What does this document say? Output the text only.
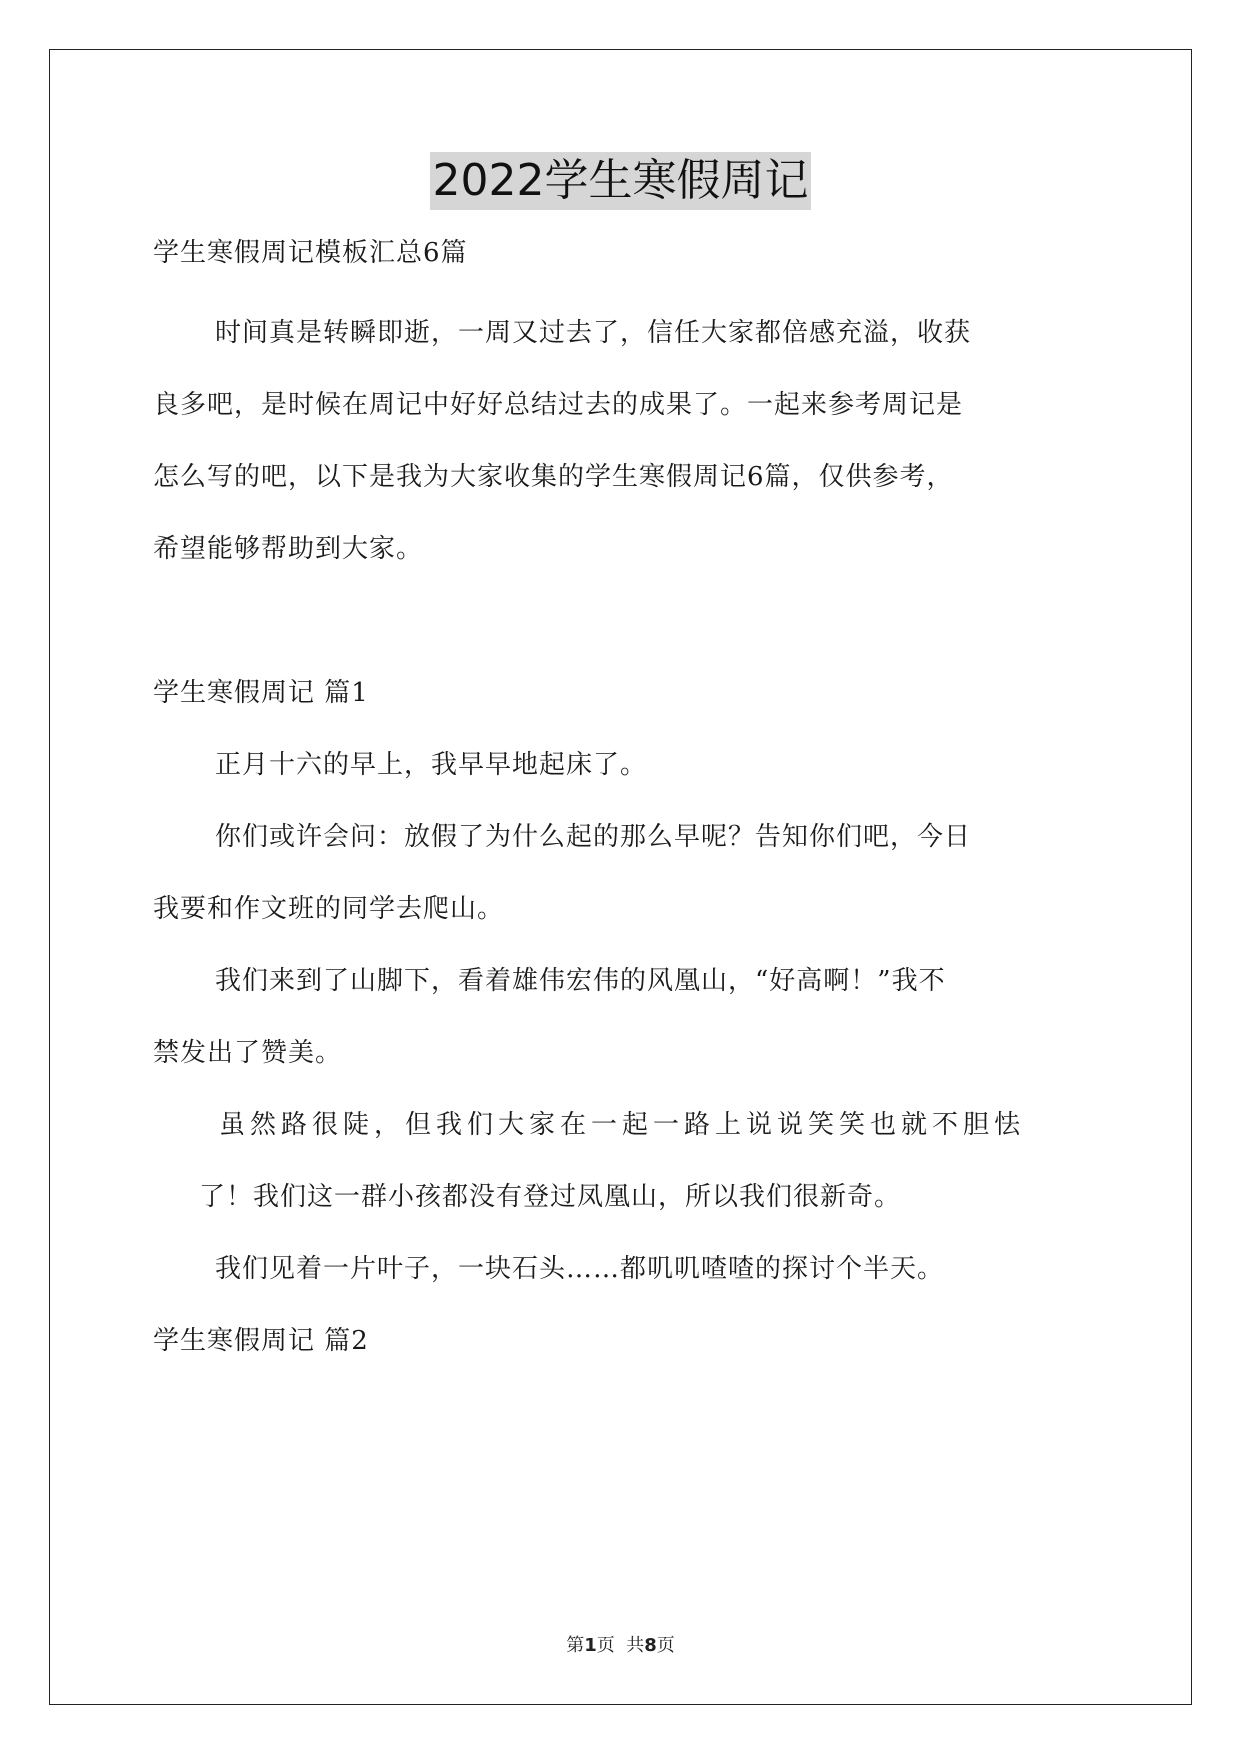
2022学生寒假周记
学生寒假周记模板汇总6篇
时间真是转瞬即逝，一周又过去了，信任大家都倍感充溢，收获
良多吧，是时候在周记中好好总结过去的成果了。一起来参考周记是
怎么写的吧，以下是我为大家收集的学生寒假周记6篇，仅供参考，
希望能够帮助到大家。
学生寒假周记 篇1
正月十六的早上，我早早地起床了。
你们或许会问：放假了为什么起的那么早呢？告知你们吧，今日
我要和作文班的同学去爬山。
我们来到了山脚下，看着雄伟宏伟的风凰山，“好高啊！”我不
禁发出了赞美。
虽然路很陡，但我们大家在一起一路上说说笑笑也就不胆怯
了！我们这一群小孩都没有登过凤凰山，所以我们很新奇。
我们见着一片叶子，一块石头……都叽叽喳喳的探讨个半天。
学生寒假周记 篇2
第1页  共8页
